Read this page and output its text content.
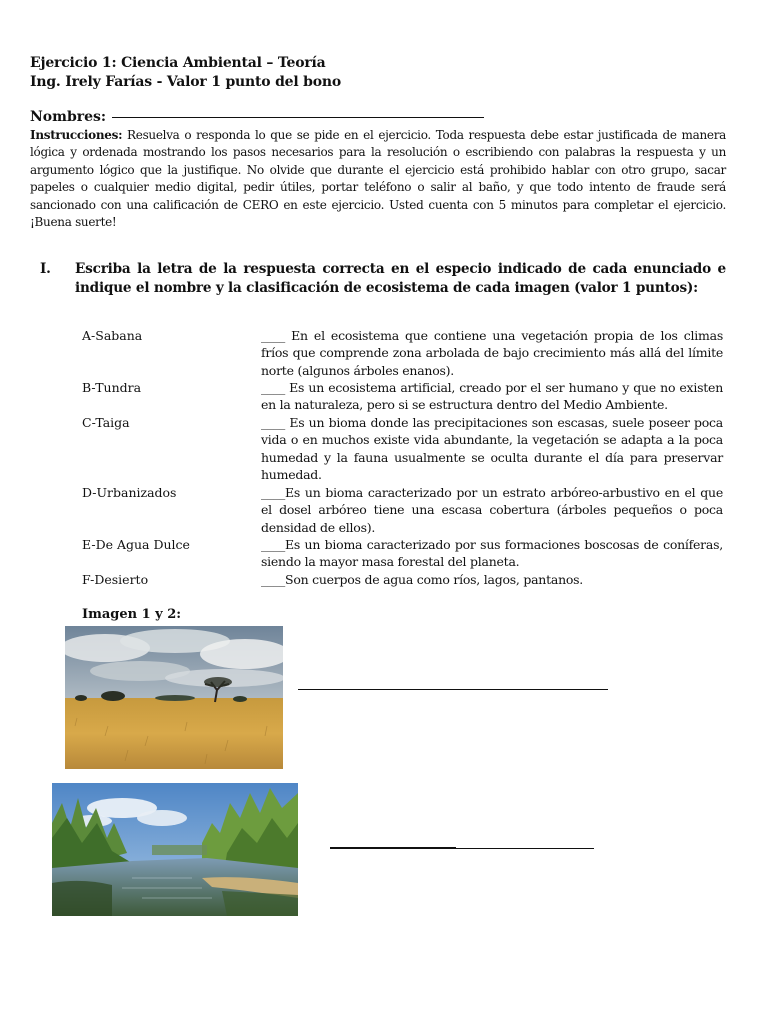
Ejercicio 1: Ciencia Ambiental – Teoría
Ing. Irely Farías - Valor 1 punto del bono
Nombres:
Instrucciones: Resuelva o responda lo que se pide en el ejercicio. Toda respuesta debe estar justificada de manera lógica y ordenada mostrando los pasos necesarios para la resolución o escribiendo con palabras la respuesta y un argumento lógico que la justifique. No olvide que durante el ejercicio está prohibido hablar con otro grupo, sacar papeles o cualquier medio digital, pedir útiles, portar teléfono o salir al baño, y que todo intento de fraude será sancionado con una calificación de CERO en este ejercicio. Usted cuenta con 5 minutos para completar el ejercicio. ¡Buena suerte!
I. Escriba la letra de la respuesta correcta en el especio indicado de cada enunciado e indique el nombre y la clasificación de ecosistema de cada imagen (valor 1 puntos):
A-Sabana
B-Tundra
C-Taiga
D-Urbanizados
E-De Agua Dulce
F-Desierto
____ En el ecosistema que contiene una vegetación propia de los climas fríos que comprende zona arbolada de bajo crecimiento más allá del límite norte (algunos árboles enanos).
____ Es un ecosistema artificial, creado por el ser humano y que no existen en la naturaleza, pero si se estructura dentro del Medio Ambiente.
____ Es un bioma donde las precipitaciones son escasas, suele poseer poca vida o en muchos existe vida abundante, la vegetación se adapta a la poca humedad y la fauna usualmente se oculta durante el día para preservar humedad.
____Es un bioma caracterizado por un estrato arbóreo-arbustivo en el que el dosel arbóreo tiene una escasa cobertura (árboles pequeños o poca densidad de ellos).
____Es un bioma caracterizado por sus formaciones boscosas de coníferas, siendo la mayor masa forestal del planeta.
____Son cuerpos de agua como ríos, lagos, pantanos.
Imagen 1 y 2:
